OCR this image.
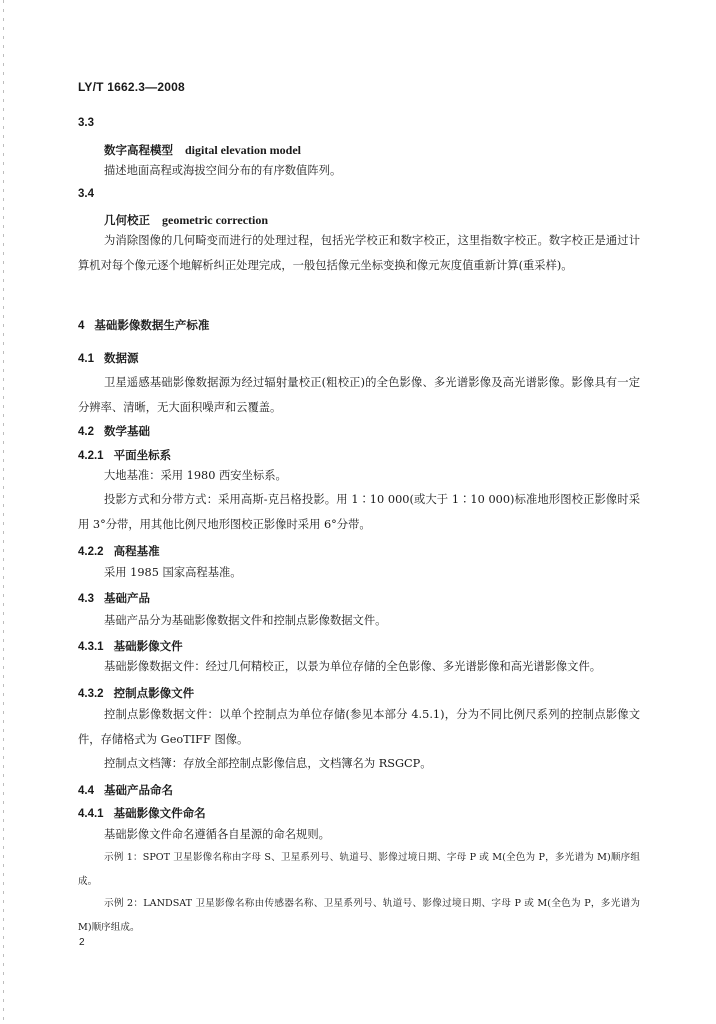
LY/T 1662.3—2008
3.3
数字高程模型 digital elevation model

描述地面高程或海拔空间分布的有序数值阵列。

3.4
几何校正 geometric correction

为消除图像的几何畸变而进行的处理过程，包括光学校正和数字校正，这里指数字校正。数字校正是通过计算机对每个像元逐个地解析纠正处理完成，一般包括像元坐标变换和像元灰度值重新计算(重采样)。

4 基础影像数据生产标准
4.1 数据源

卫星遥感基础影像数据源为经过辐射量校正(粗校正)的全色影像、多光谱影像及高光谱影像。影像具有一定分辨率、清晰，无大面积噪声和云覆盖。

4.2 数学基础
4.2.1 平面坐标系

大地基准：采用 1980 西安坐标系。

投影方式和分带方式：采用高斯-克吕格投影。用 1∶10 000(或大于 1∶10 000)标准地形图校正影像时采用 3°分带，用其他比例尺地形图校正影像时采用 6°分带。

4.2.2 高程基准

采用 1985 国家高程基准。

4.3 基础产品

基础产品分为基础影像数据文件和控制点影像数据文件。

4.3.1 基础影像文件

基础影像数据文件：经过几何精校正，以景为单位存储的全色影像、多光谱影像和高光谱影像文件。

4.3.2 控制点影像文件

控制点影像数据文件：以单个控制点为单位存储(参见本部分 4.5.1)，分为不同比例尺系列的控制点影像文件，存储格式为 GeoTIFF 图像。

控制点文档簿：存放全部控制点影像信息，文档簿名为 RSGCP。

4.4 基础产品命名
4.4.1 基础影像文件命名

基础影像文件命名遵循各自星源的命名规则。

示例 1：SPOT 卫星影像名称由字母 S、卫星系列号、轨道号、影像过境日期、字母 P 或 M(全色为 P，多光谱为 M)顺序组成。

示例 2：LANDSAT 卫星影像名称由传感器名称、卫星系列号、轨道号、影像过境日期、字母 P 或 M(全色为 P，多光谱为 M)顺序组成。

2
